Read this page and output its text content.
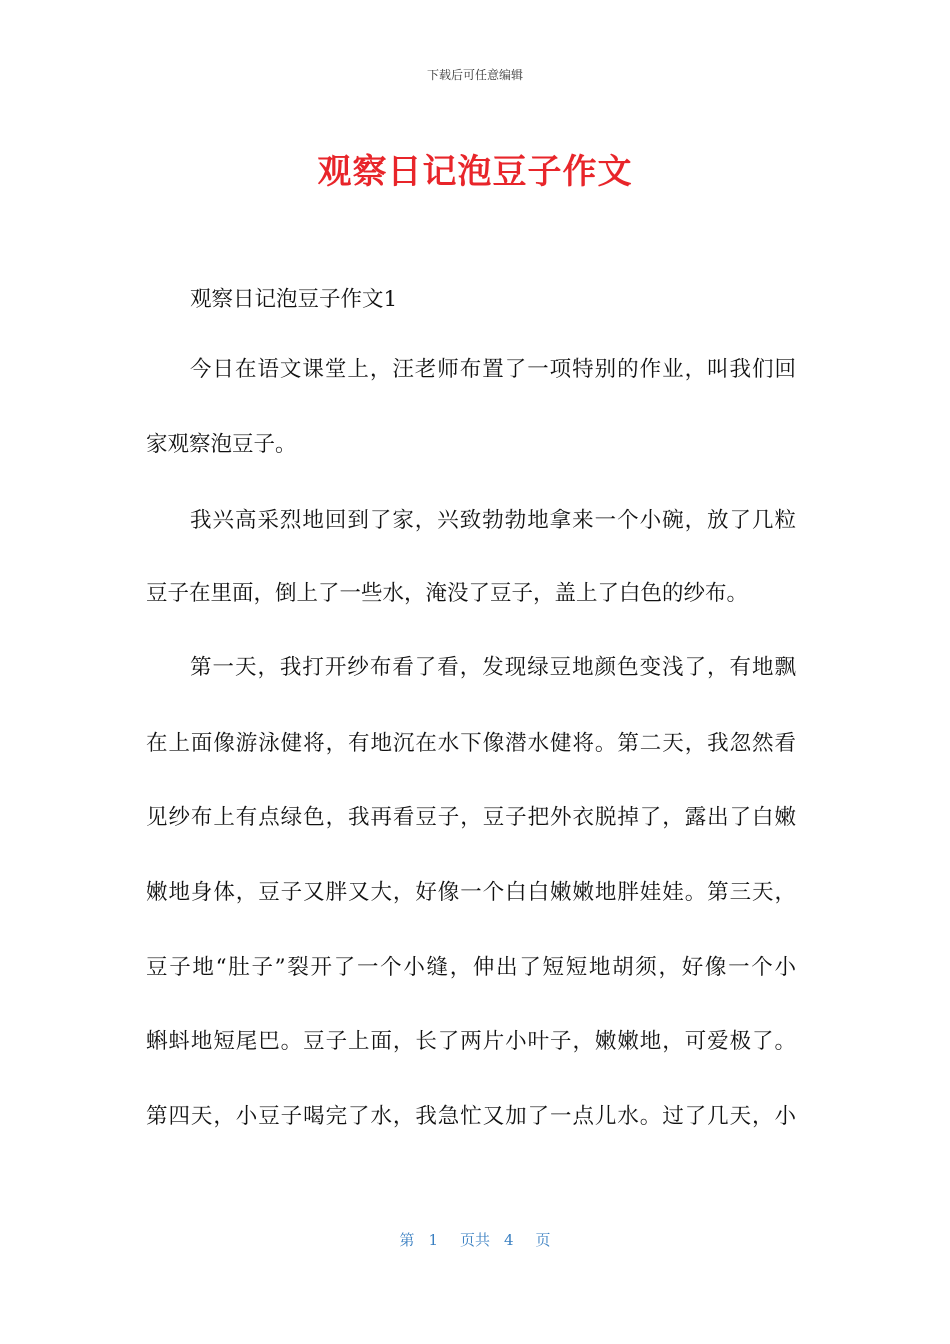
下载后可任意编辑
观察日记泡豆子作文
观察日记泡豆子作文1
今日在语文课堂上，汪老师布置了一项特别的作业，叫我们回
家观察泡豆子。
我兴高采烈地回到了家，兴致勃勃地拿来一个小碗，放了几粒
豆子在里面，倒上了一些水，淹没了豆子，盖上了白色的纱布。
第一天，我打开纱布看了看，发现绿豆地颜色变浅了，有地飘
在上面像游泳健将，有地沉在水下像潜水健将。第二天，我忽然看
见纱布上有点绿色，我再看豆子，豆子把外衣脱掉了，露出了白嫩
嫩地身体，豆子又胖又大，好像一个白白嫩嫩地胖娃娃。第三天，
豆子地“肚子”裂开了一个小缝，伸出了短短地胡须，好像一个小
蝌蚪地短尾巴。豆子上面，长了两片小叶子，嫩嫩地，可爱极了。
第四天，小豆子喝完了水，我急忙又加了一点儿水。过了几天，小
第 1 页共 4 页
